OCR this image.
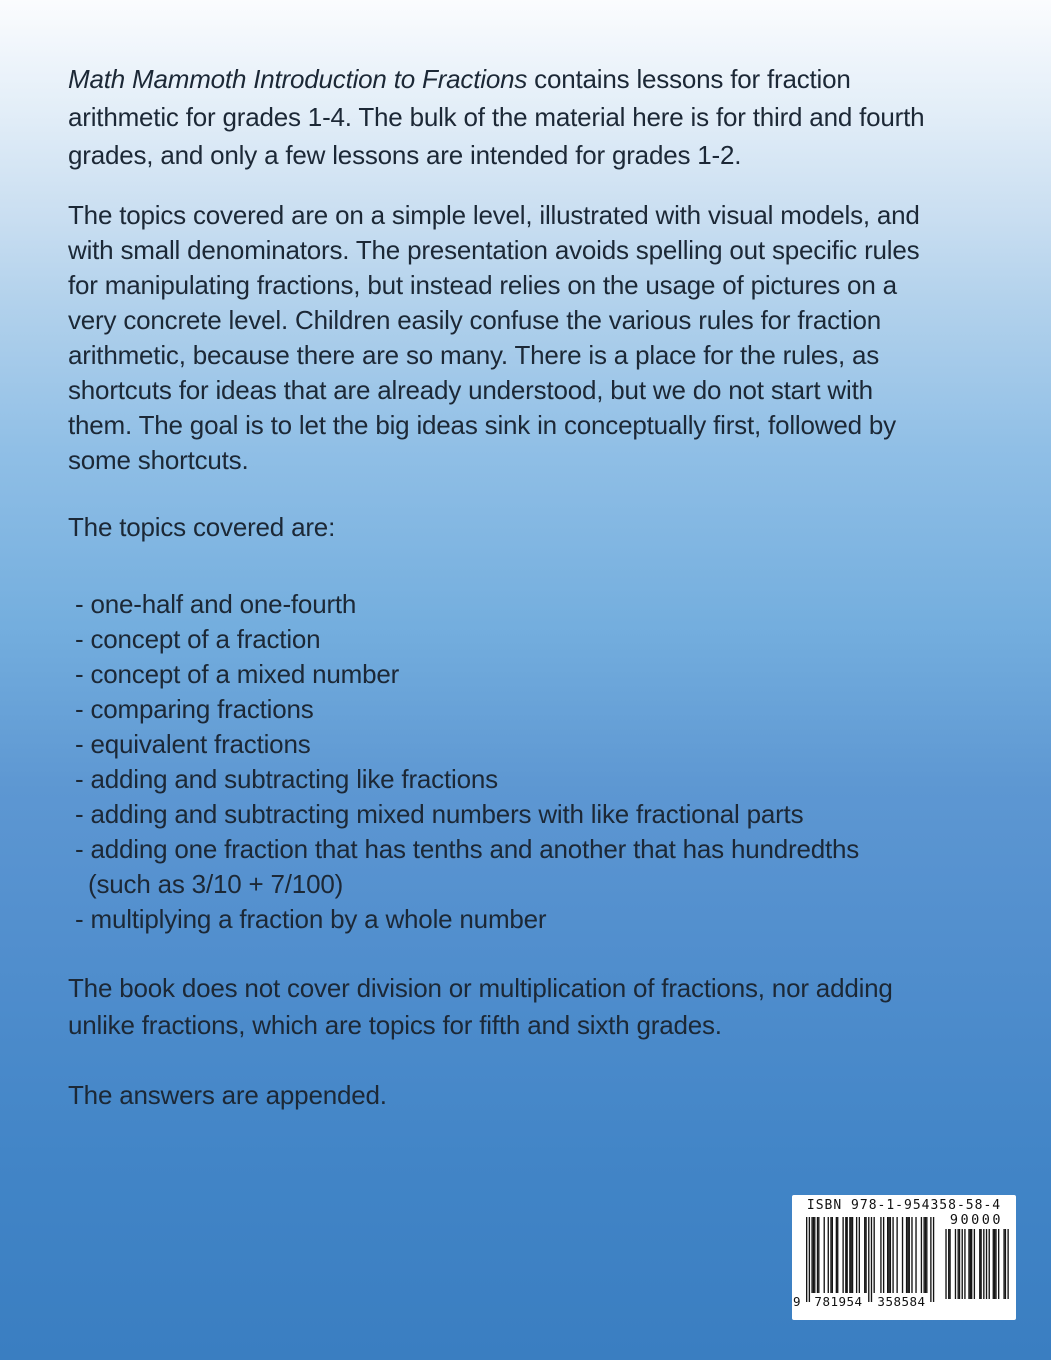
Math Mammoth Introduction to Fractions contains lessons for fraction
arithmetic for grades 1-4. The bulk of the material here is for third and fourth
grades, and only a few lessons are intended for grades 1-2.

The topics covered are on a simple level, illustrated with visual models, and
with small denominators. The presentation avoids spelling out specific rules
for manipulating fractions, but instead relies on the usage of pictures on a
very concrete level. Children easily confuse the various rules for fraction
arithmetic, because there are so many. There is a place for the rules, as
shortcuts for ideas that are already understood, but we do not start with
them. The goal is to let the big ideas sink in conceptually first, followed by
some shortcuts.

The topics covered are:

- one-half and one-fourth
- concept of a fraction
- concept of a mixed number
- comparing fractions
- equivalent fractions
- adding and subtracting like fractions
- adding and subtracting mixed numbers with like fractional parts
- adding one fraction that has tenths and another that has hundredths
(such as 3/10 + 7/100)
- multiplying a fraction by a whole number

The book does not cover division or multiplication of fractions, nor adding
unlike fractions, which are topics for fifth and sixth grades.

The answers are appended.

ISBN 978-1-954358-58-4
90000
9	781954 358584
